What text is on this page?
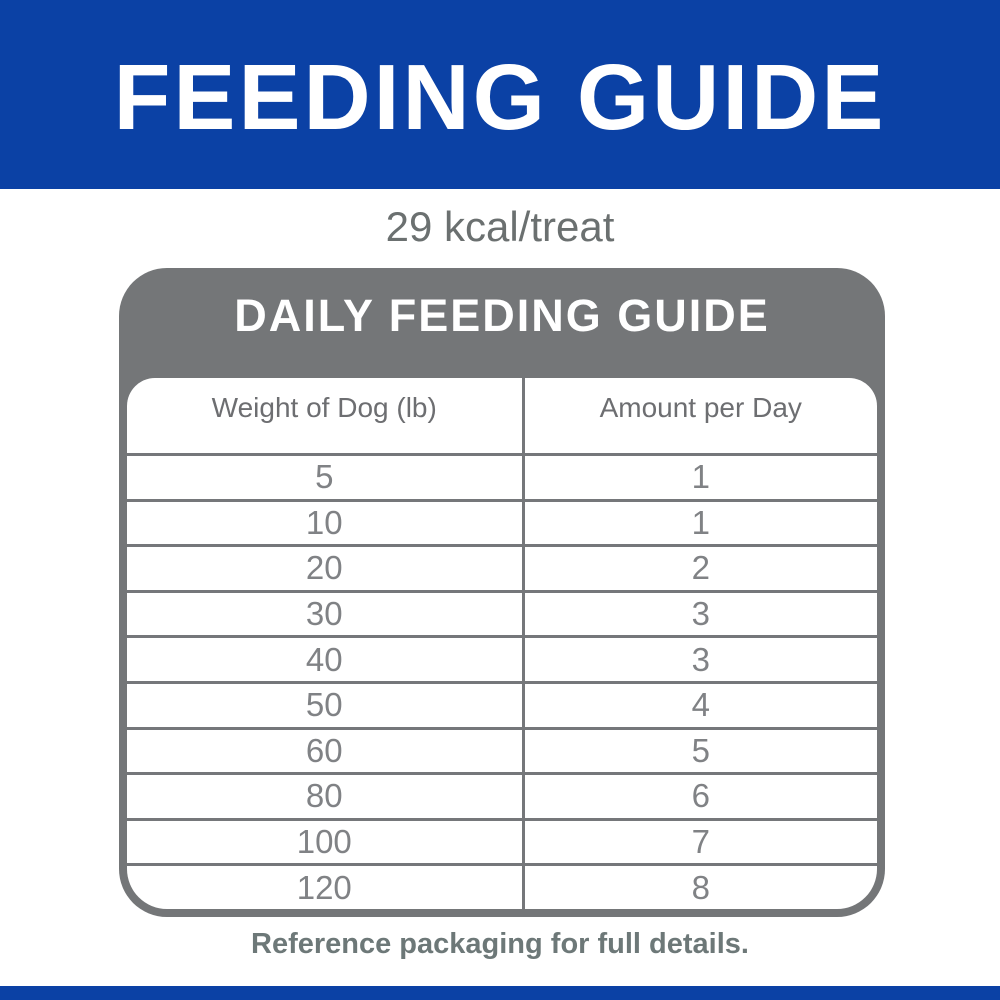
FEEDING GUIDE
29 kcal/treat
DAILY FEEDING GUIDE
Weight of Dog (lb)	Amount per Day
5	1
10	1
20	2
30	3
40	3
50	4
60	5
80	6
100	7
120	8
Reference packaging for full details.
